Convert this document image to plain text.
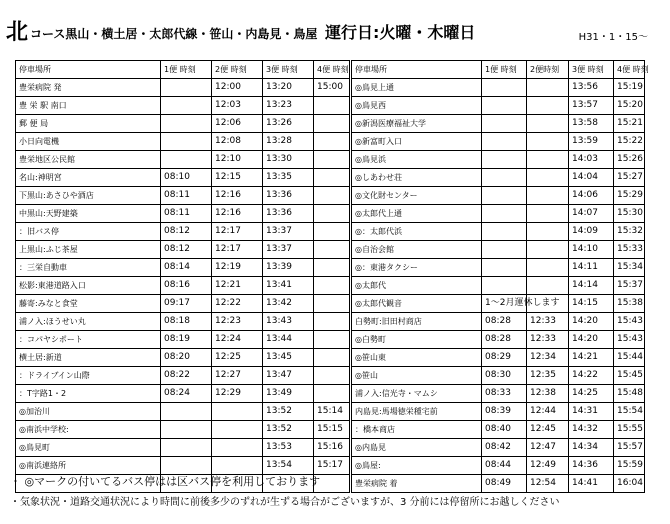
北 コース黒山・横土居・太郎代線・笹山・内島見・鳥屋 運行日:火曜・木曜日	H31・1・15～
停車場所	1便 時刻	2便 時刻	3便 時刻	4便 時刻	停車場所	1便 時刻	2便時刻	3便 時刻	4便 時刻
豊栄病院 発		12:00	13:20	15:00	◎鳥見上通			13:56	15:19
豊 栄 駅 南口		12:03	13:23		◎鳥見西			13:57	15:20
郵 便 局		12:06	13:26		◎新潟医療福祉大学			13:58	15:21
小日向電機		12:08	13:28		◎新富町入口			13:59	15:22
豊栄地区公民館		12:10	13:30		◎鳥見浜			14:03	15:26
名山:神明宮	08:10	12:15	13:35		◎しあわせ荘			14:04	15:27
下黒山:あさひや酒店	08:11	12:16	13:36		◎文化財センター			14:06	15:29
中黒山:天野建築	08:11	12:16	13:36		◎太郎代上通			14:07	15:30
：旧バス停	08:12	12:17	13:37		◎：太郎代浜			14:09	15:32
上黒山:ふじ茶屋	08:12	12:17	13:37		◎自治会館			14:10	15:33
：三栄自動車	08:14	12:19	13:39		◎：東港タクシー			14:11	15:34
松影:東港道路入口	08:16	12:21	13:41		◎太郎代			14:14	15:37
藤寄:みなと食堂	09:17	12:22	13:42		◎太郎代観音	1～2月運休します		14:15	15:38
浦ノ入:ほうせい丸	08:18	12:23	13:43		白勢町:旧田村商店	08:28	12:33	14:20	15:43
：コパヤシポート	08:19	12:24	13:44		◎白勢町	08:28	12:33	14:20	15:43
横土居:新道	08:20	12:25	13:45		◎笹山東	08:29	12:34	14:21	15:44
：ドライブイン山際	08:22	12:27	13:47		◎笹山	08:30	12:35	14:22	15:45
：T字路1・2	08:24	12:29	13:49		浦ノ入:信光寺・マムシ	08:33	12:38	14:25	15:48
◎加治川			13:52	15:14	内島見:馬場徳栄種宅前	08:39	12:44	14:31	15:54
◎南浜中学校:			13:52	15:15	：橋本商店	08:40	12:45	14:32	15:55
◎鳥見町			13:53	15:16	◎内島見	08:42	12:47	14:34	15:57
◎南浜連絡所			13:54	15:17	◎鳥屋:	08:44	12:49	14:36	15:59
					豊栄病院 着	08:49	12:54	14:41	16:04
・ ◎マークの付いてるバス停はは区バス停を利用しております
・気象状況・道路交通状況により時間に前後多少のずれが生ずる場合がございますが、3 分前には停留所にお越しください
